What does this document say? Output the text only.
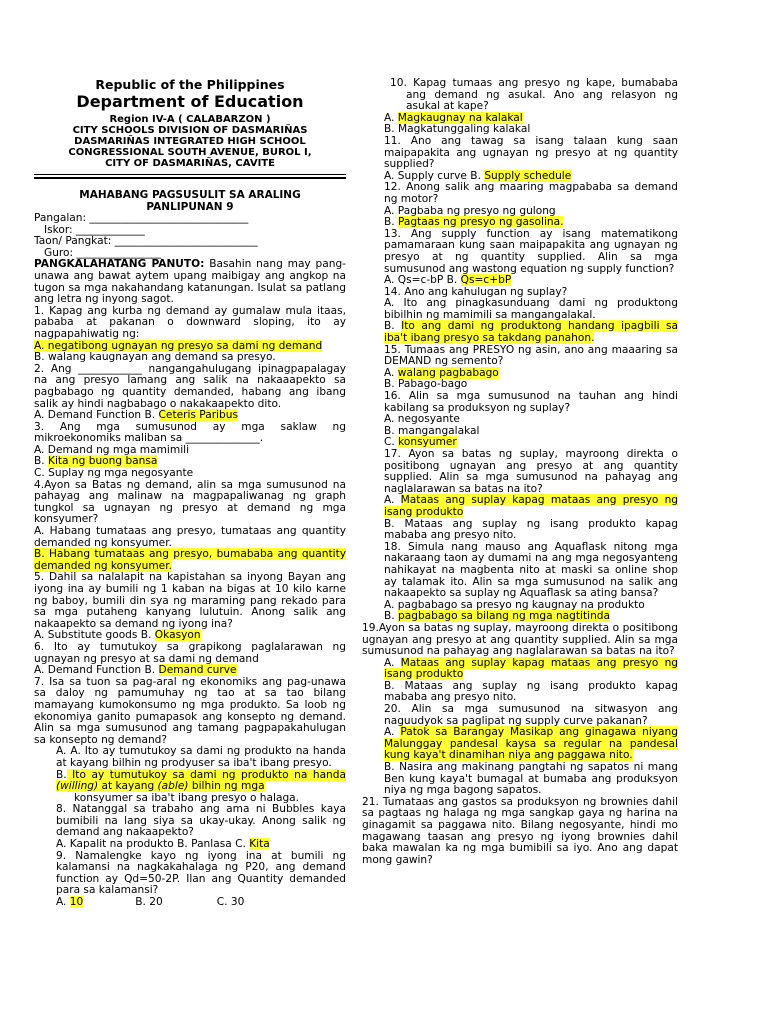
Republic of the Philippines
Department of Education
Region IV-A ( CALABARZON )
CITY SCHOOLS DIVISION OF DASMARIÑAS
DASMARIÑAS INTEGRATED HIGH SCHOOL
CONGRESSIONAL SOUTH AVENUE, BUROL I,
CITY OF DASMARIÑAS, CAVITE
MAHABANG PAGSUSULIT SA ARALING
PANLIPUNAN 9

Pangalan: ______________________________

Iskor: _____________

Taon/ Pangkat: ___________________________

Guro: ________________

PANGKALAHATANG PANUTO: Basahin nang may pang-unawa ang bawat aytem upang maibigay ang angkop na tugon sa mga nakahandang katanungan. Isulat sa patlang ang letra ng inyong sagot.

1. Kapag ang kurba ng demand ay gumalaw mula itaas, pababa at pakanan o downward sloping, ito ay nagpapahiwatig ng:

A. negatibong ugnayan ng presyo sa dami ng demand

B. walang kaugnayan ang demand sa presyo.

2. Ang ____________ nangangahulugang ipinagpapalagay na ang presyo lamang ang salik na nakaaapekto sa pagbabago ng quantity demanded, habang ang ibang salik ay hindi nagbabago o nakakaapekto dito.

A. Demand Function B. Ceteris Paribus

3. Ang mga sumusunod ay mga saklaw ng mikroekonomiks maliban sa ______________.

A. Demand ng mga mamimili

B. Kita ng buong bansa

C. Suplay ng mga negosyante

4.Ayon sa Batas ng demand, alin sa mga sumusunod na pahayag ang malinaw na magpapaliwanag ng graph tungkol sa ugnayan ng presyo at demand ng mga konsyumer?

A. Habang tumataas ang presyo, tumataas ang quantity demanded ng konsyumer.

B. Habang tumataas ang presyo, bumababa ang quantity demanded ng konsyumer.

5. Dahil sa nalalapit na kapistahan sa inyong Bayan ang iyong ina ay bumili ng 1 kaban na bigas at 10 kilo karne ng baboy, bumili din sya ng maraming pang rekado para sa mga putaheng kanyang lulutuin. Anong salik ang nakaapekto sa demand ng iyong ina?

A. Substitute goods B. Okasyon

6. Ito ay tumutukoy sa grapikong paglalarawan ng ugnayan ng presyo at sa dami ng demand

A. Demand Function B. Demand curve

7. Isa sa tuon sa pag-aral ng ekonomiks ang pag-unawa sa daloy ng pamumuhay ng tao at sa tao bilang mamayang kumokonsumo ng mga produkto. Sa loob ng ekonomiya ganito pumapasok ang konsepto ng demand. Alin sa mga sumusunod ang tamang pagpapakahulugan sa konsepto ng demand?

A. A. Ito ay tumutukoy sa dami ng produkto na handa at kayang bilhin ng prodyuser sa iba't ibang presyo.

B. Ito ay tumutukoy sa dami ng produkto na handa (willing) at kayang (able) bilhin ng mga

konsyumer sa iba't ibang presyo o halaga.

8. Natanggal sa trabaho ang ama ni Bubbles kaya bumibili na lang siya sa ukay-ukay. Anong salik ng demand ang nakaapekto?

A. Kapalit na produkto B. Panlasa C. Kita

9. Namalengke kayo ng iyong ina at bumili ng kalamansi na nagkakahalaga ng P20, ang demand function ay Qd=50-2P. Ilan ang Quantity demanded para sa kalamansi?

A. 10	B. 20	C. 30

10. Kapag tumaas ang presyo ng kape, bumababa ang demand ng asukal. Ano ang relasyon ng asukal at kape?

A. Magkaugnay na kalakal

B. Magkatunggaling kalakal

11. Ano ang tawag sa isang talaan kung saan maipapakita ang ugnayan ng presyo at ng quantity supplied?

A. Supply curve B. Supply schedule

12. Anong salik ang maaring magpababa sa demand ng motor?

A. Pagbaba ng presyo ng gulong

B. Pagtaas ng presyo ng gasolina.

13. Ang supply function ay isang matematikong pamamaraan kung saan maipapakita ang ugnayan ng presyo at ng quantity supplied. Alin sa mga sumusunod ang wastong equation ng supply function?

A. Qs=c-bP B. Qs=c+bP

14. Ano ang kahulugan ng suplay?

A. Ito ang pinagkasunduang dami ng produktong bibilhin ng mamimili sa mangangalakal.

B. Ito ang dami ng produktong handang ipagbili sa iba't ibang presyo sa takdang panahon.

15. Tumaas ang PRESYO ng asin, ano ang maaaring sa DEMAND ng semento?

A. walang pagbabago

B. Pabago-bago

16. Alin sa mga sumusunod na tauhan ang hindi kabilang sa produksyon ng suplay?

A. negosyante

B. mangangalakal

C. konsyumer

17. Ayon sa batas ng suplay, mayroong direkta o positibong ugnayan ang presyo at ang quantity supplied. Alin sa mga sumusunod na pahayag ang naglalarawan sa batas na ito?

A. Mataas ang suplay kapag mataas ang presyo ng isang produkto

B. Mataas ang suplay ng isang produkto kapag mababa ang presyo nito.

18. Simula nang mauso ang Aquaflask nitong mga nakaraang taon ay dumami na ang mga negosyanteng nahikayat na magbenta nito at maski sa online shop ay talamak ito. Alin sa mga sumusunod na salik ang nakaapekto sa suplay ng Aquaflask sa ating bansa?

A. pagbabago sa presyo ng kaugnay na produkto

B. pagbabago sa bilang ng mga nagtitinda

19.Ayon sa batas ng suplay, mayroong direkta o positibong ugnayan ang presyo at ang quantity supplied. Alin sa mga sumusunod na pahayag ang naglalarawan sa batas na ito?

A. Mataas ang suplay kapag mataas ang presyo ng isang produkto

B. Mataas ang suplay ng isang produkto kapag mababa ang presyo nito.

20. Alin sa mga sumusunod na sitwasyon ang naguudyok sa paglipat ng supply curve pakanan?

A. Patok sa Barangay Masikap ang ginagawa niyang Malunggay pandesal kaysa sa regular na pandesal kung kaya't dinamihan niya ang paggawa nito.

B. Nasira ang makinang pangtahi ng sapatos ni mang Ben kung kaya't bumagal at bumaba ang produksyon niya ng mga bagong sapatos.

21. Tumataas ang gastos sa produksyon ng brownies dahil sa pagtaas ng halaga ng mga sangkap gaya ng harina na ginagamit sa paggawa nito. Bilang negosyante, hindi mo magawang taasan ang presyo ng iyong brownies dahil baka mawalan ka ng mga bumibili sa iyo. Ano ang dapat mong gawin?
